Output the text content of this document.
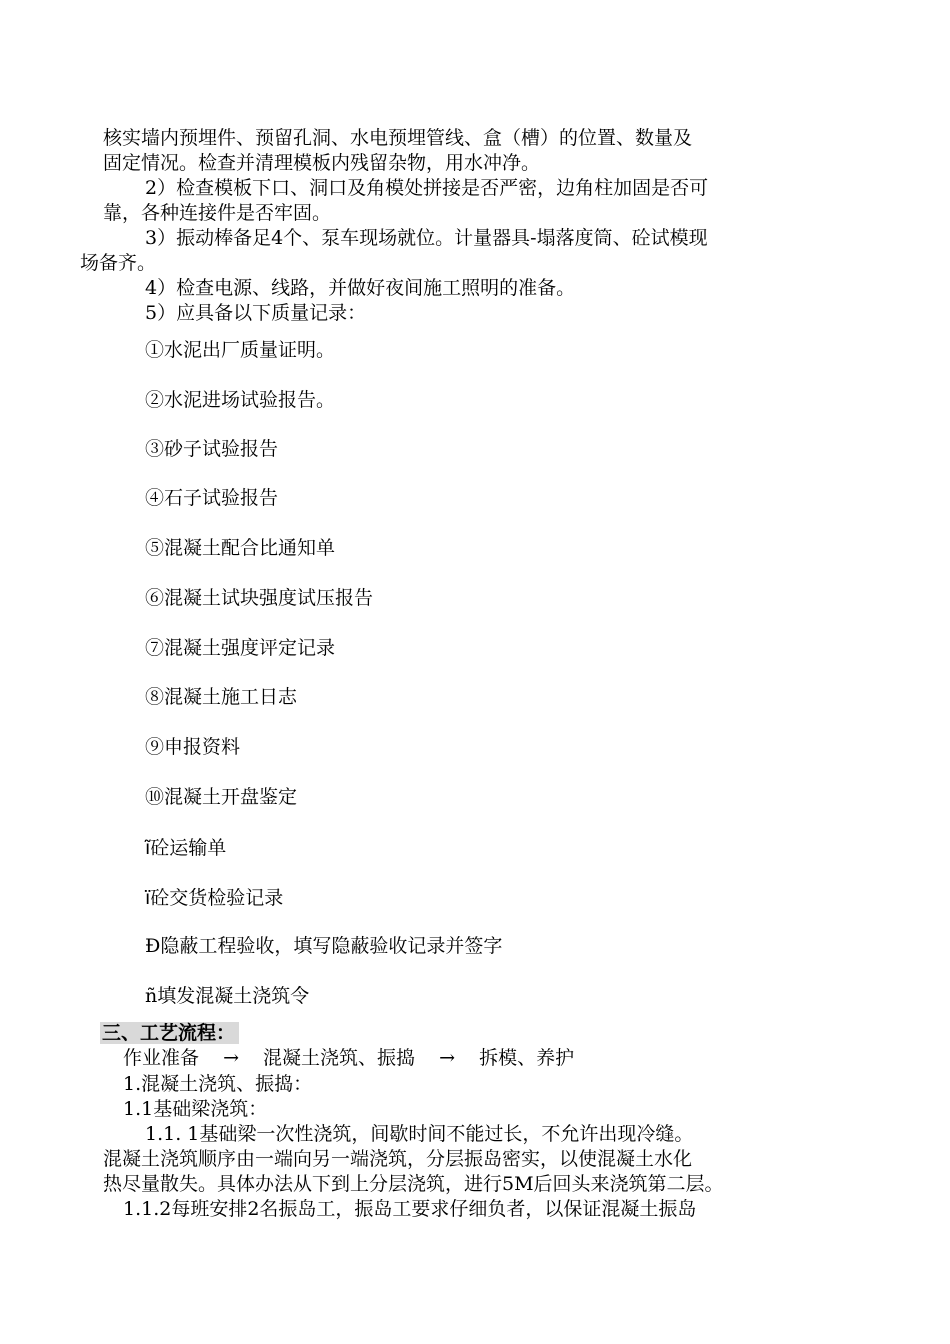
核实墙内预埋件、预留孔洞、水电预埋管线、盒（槽）的位置、数量及
固定情况。检查并清理模板内残留杂物，用水冲净。
2）检查模板下口、洞口及角模处拼接是否严密，边角柱加固是否可
靠，各种连接件是否牢固。
3）振动棒备足4个、泵车现场就位。计量器具-塌落度筒、砼试模现
场备齐。
4）检查电源、线路，并做好夜间施工照明的准备。
5）应具备以下质量记录：
①水泥出厂质量证明。
②水泥进场试验报告。
③砂子试验报告
④石子试验报告
⑤混凝土配合比通知单
⑥混凝土试块强度试压报告
⑦混凝土强度评定记录
⑧混凝土施工日志
⑨申报资料
⑩混凝土开盘鉴定
ĩ砼运输单
ï砼交货检验记录
Đ隐蔽工程验收，填写隐蔽验收记录并签字
ñ填发混凝土浇筑令
三、工艺流程：
作业准备 → 混凝土浇筑、振捣 → 拆模、养护
1.混凝土浇筑、振捣：
1.1基础梁浇筑：
1.1. 1基础梁一次性浇筑，间歇时间不能过长，不允许出现冷缝。
混凝土浇筑顺序由一端向另一端浇筑，分层振岛密实，以使混凝土水化
热尽量散失。具体办法从下到上分层浇筑，进行5M后回头来浇筑第二层。
1.1.2每班安排2名振岛工，振岛工要求仔细负者，以保证混凝土振岛
